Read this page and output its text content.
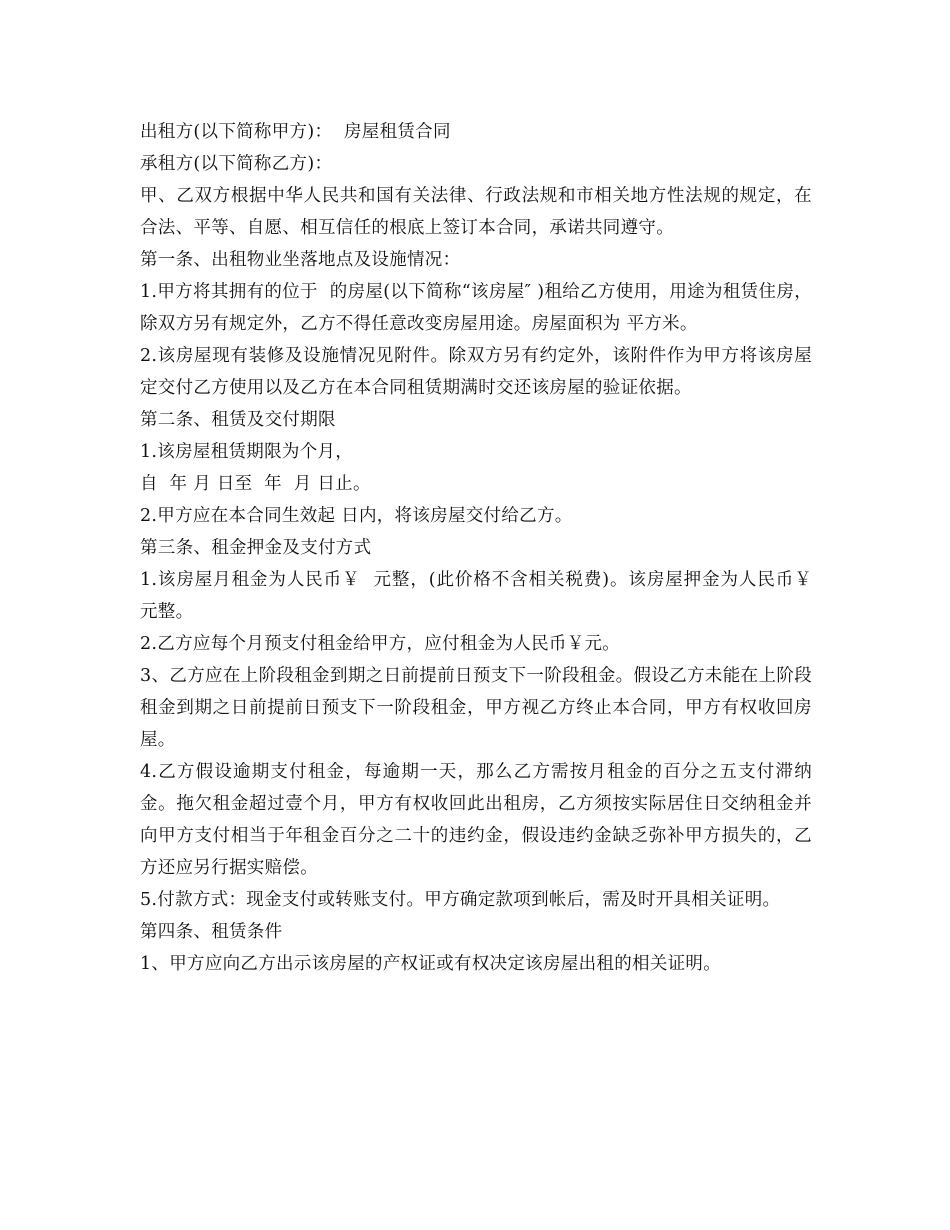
出租方(以下简称甲方)：  房屋租赁合同

承租方(以下简称乙方)：

甲、乙双方根据中华人民共和国有关法律、行政法规和市相关地方性法规的规定，在合法、平等、自愿、相互信任的根底上签订本合同，承诺共同遵守。

第一条、出租物业坐落地点及设施情况：

1.甲方将其拥有的位于  的房屋(以下简称“该房屋″ )租给乙方使用，用途为租赁住房，除双方另有规定外，乙方不得任意改变房屋用途。房屋面积为 平方米。

2.该房屋现有装修及设施情况见附件。除双方另有约定外，该附件作为甲方将该房屋定交付乙方使用以及乙方在本合同租赁期满时交还该房屋的验证依据。

第二条、租赁及交付期限

1.该房屋租赁期限为个月，

自  年 月 日至  年  月 日止。

2.甲方应在本合同生效起 日内，将该房屋交付给乙方。

第三条、租金押金及支付方式

1.该房屋月租金为人民币￥  元整，(此价格不含相关税费)。该房屋押金为人民币￥  元整。

2.乙方应每个月预支付租金给甲方，应付租金为人民币￥元。

3、乙方应在上阶段租金到期之日前提前日预支下一阶段租金。假设乙方未能在上阶段租金到期之日前提前日预支下一阶段租金，甲方视乙方终止本合同，甲方有权收回房屋。

4.乙方假设逾期支付租金，每逾期一天，那么乙方需按月租金的百分之五支付滞纳金。拖欠租金超过壹个月，甲方有权收回此出租房，乙方须按实际居住日交纳租金并向甲方支付相当于年租金百分之二十的违约金，假设违约金缺乏弥补甲方损失的，乙方还应另行据实赔偿。

5.付款方式：现金支付或转账支付。甲方确定款项到帐后，需及时开具相关证明。

第四条、租赁条件

1、甲方应向乙方出示该房屋的产权证或有权决定该房屋出租的相关证明。
